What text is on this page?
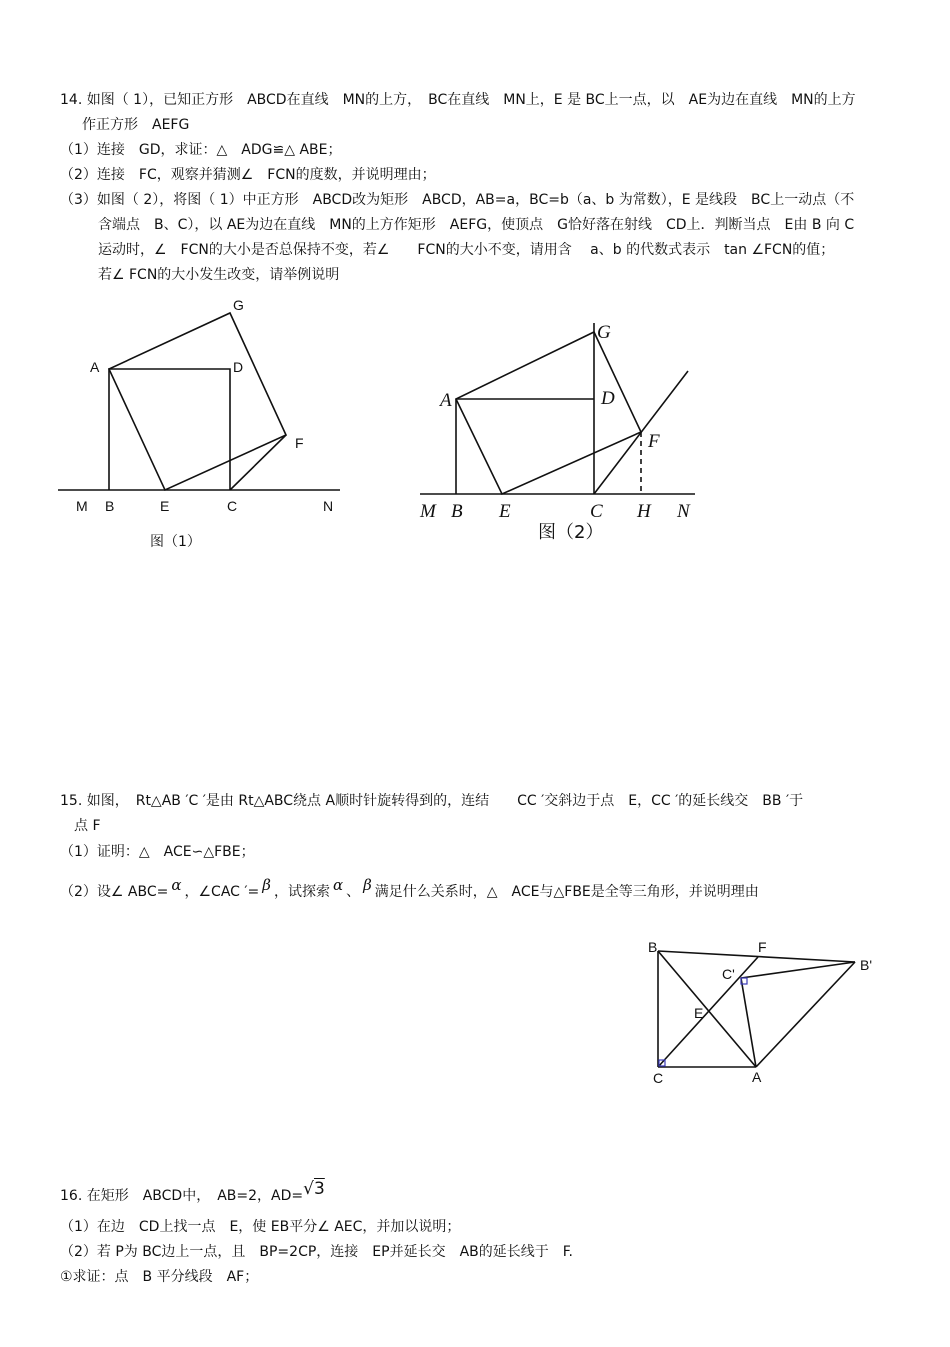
14. 如图（ 1），已知正方形　ABCD在直线　MN的上方，　BC在直线　MN上，E 是 BC上一点，以　AE为边在直线　MN的上方
作正方形　AEFG
（1）连接　GD，求证：△　ADG≌△ ABE；
（2）连接　FC，观察并猜测∠　FCN的度数，并说明理由；
（3）如图（ 2），将图（ 1）中正方形　ABCD改为矩形　ABCD，AB=a，BC=b（a、b 为常数），E 是线段　BC上一动点（不
含端点　B、C），以 AE为边在直线　MN的上方作矩形　AEFG，使顶点　G恰好落在射线　CD上．判断当点　E由 B 向 C
运动时，∠　FCN的大小是否总保持不变，若∠　　FCN的大小不变，请用含　 a、b 的代数式表示　tan ∠FCN的值；
若∠ FCN的大小发生改变，请举例说明
G
A	D
F
M B	E	C	N
图（1）
G
A	D
F
M B E	C H N
图（2）
15. 如图，　Rt△AB ′C ′是由 Rt△ABC绕点 A顺时针旋转得到的，连结　　CC ′交斜边于点　E，CC ′的延长线交　BB ′于
点 F
（1）证明：△　ACE∽△FBE；
（2）设∠ ABC= α ，∠CAC ′= β ，试探索 α 、 β 满足什么关系时，△　ACE与△FBE是全等三角形，并说明理由
B	F
C'
B'
E
C	A
16. 在矩形　ABCD中，　AB=2，AD=√3
（1）在边　CD上找一点　E，使 EB平分∠ AEC，并加以说明；
（2）若 P为 BC边上一点，且　BP=2CP，连接　EP并延长交　AB的延长线于　F.
①求证：点　B 平分线段　AF；
